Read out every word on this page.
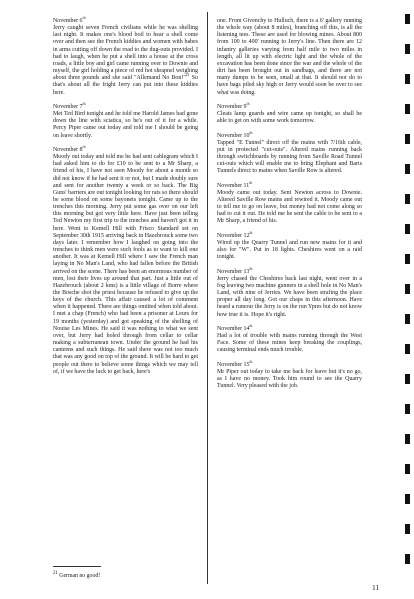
November 6th

Jerry caught seven French civilians while he was shelling last night. It makes one's blood boil to hear a shell come over and then see the French kiddies and women with babes in arms cutting off down the road to the dug-outs provided. I had to laugh, when he put a shell into a house at the cross roads, a little boy and girl came running over to Downie and myself, the girl holding a piece of red hot shrapnel weighing about three pounds and she said "Allemand No Bon!"$^{21}$ So that's about all the fright Jerry can put into these kiddies here.

November 7th

Met Ted Bird tonight and he told me Harold James had gone down the line with sciatica, so he's out of it for a while. Percy Piper came out today and told me I should be going on leave shortly.

November 8th

Moody out today and told me he had sent cablegram which I had asked him to do for £10 to be sent to a Mr Sharp, a friend of his, I have not seen Moody for about a month so did not know if he had sent it or not, but I made doubly sure and sent for another twenty a week or so back. The Big Guns' barriers are out tonight looking for rats so there should be some blood on some bayonets tonight. Came up to the trenches this morning. Jerry put some gas over on our left this morning but got very little here. Have just been telling Ted Newton my first trip to the trenches and haven't got it in here. Went to Kemell Hill with Frisco Standard set on September 30th 1915 arriving back in Hazebrouck some two days later. I remember how I laughed on going into the trenches to think men were such fools as to want to kill one another. It was at Kemell Hill where I saw the French man laying in No Man's Land, who had fallen before the British arrived on the scene. There has been an enormous number of men, lost their lives up around that part. Just a little out of Hazebrouck (about 2 kms) is a little village of Borre where the Bosche shot the priest because he refused to give up the keys of the church. This affair caused a lot of comment when it happened. There are things omitted when told about. I met a chap (French) who had been a prisoner at Leurs for 19 months (yesterday) and got speaking of the shelling of Nouise Les Mines. He said it was nothing to what we sent over, but Jerry had holed through from cellar to cellar making a subterranean town. Under the ground he had his canteens and such things. He said there was not too much that was any good on top of the ground. It will be hard to get people out there to believe some things which we may tell of, if we have the luck to get back, here's

one. From Givenchy to Hulluch, there is a 6' gallery running the whole way (about 8 miles), branching off this, is all the listening tees. These are used for blowing mines. About 800 from 100 to 400' running to Jerry's line. Then there are 12 infantry galleries varying from half mile to two miles in length, all lit up with electric light and the whole of the excavation has been done since the war and the whole of the dirt has been brought out in sandbags, and there are not many dumps to be seen, small at that. It should not do to have bags piled sky high or Jerry would soon be over to see what was doing.

November 9th

Cleats lamp guards and wire came up tonight, so shall be able to get on with some work tomorrow.

November 10th

Tapped "E Tunnel" direct off the mains with 7/16th cable, put in protected "cut-outs". Altered mains running back through switchboards by running from Saville Road Tunnel cut-outs which will enable me to bring Elephant and Barts Tunnels direct to mains when Saville Row is altered.

November 11th

Moody came out today. Sent Newton across to Downie. Altered Saville Row mains and rewired it. Moody came out to tell me to go on leave, but money had not come along so had to cut it out. He told me he sent the cable to be sent to a Mr Sharp, a friend of his.

November 12th

Wired up the Quarry Tunnel and run new mains for it and also for "W". Put in 18 lights. Cheshires went on a raid tonight.

November 13th

Jerry chased the Cheshires back last night, went over in a fog leaving two machine gunners in a shell hole in No Man's Land, with nine of Jerries. We have been strafing the place proper all day long. Got our chaps in this afternoon. Have heard a rumour the Jerry is on the run Ypres but do not know how true it is. Hope it's right.

November 14th

Had a lot of trouble with mains running through the West Face. Some of these mines keep breaking the couplings, causing terminal ends much trouble.

November 15th

Mr Piper out today to take me back for leave but it's no go, as I have no money. Took him round to see the Quarry Tunnel. Very pleased with the job.

$^{21}$ German no good!
11
